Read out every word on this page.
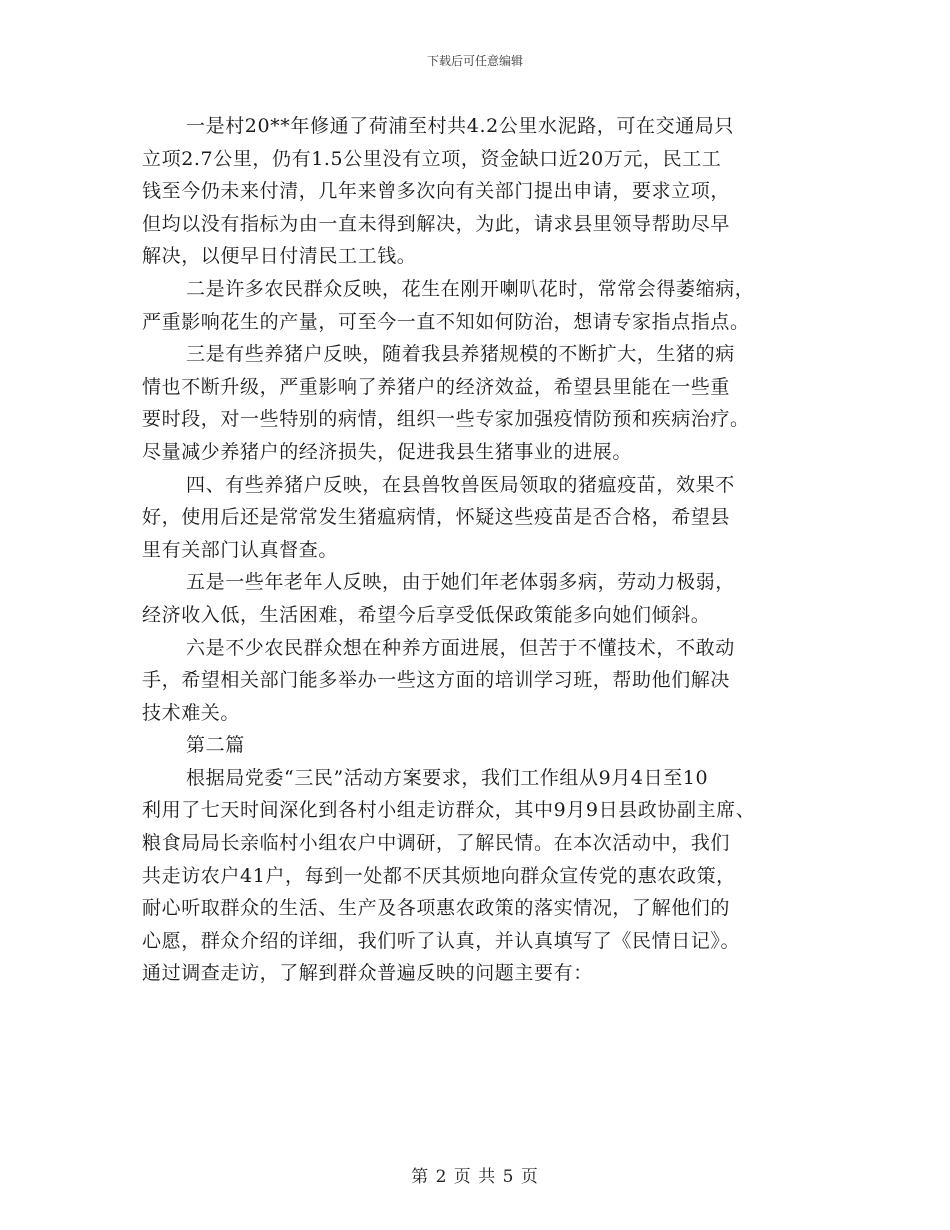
下载后可任意编辑

一是村20**年修通了荷浦至村共4.2公里水泥路，可在交通局只
立项2.7公里，仍有1.5公里没有立项，资金缺口近20万元，民工工
钱至今仍未来付清，几年来曾多次向有关部门提出申请，要求立项，
但均以没有指标为由一直未得到解决，为此，请求县里领导帮助尽早
解决，以便早日付清民工工钱。

二是许多农民群众反映，花生在刚开喇叭花时，常常会得萎缩病，
严重影响花生的产量，可至今一直不知如何防治，想请专家指点指点。

三是有些养猪户反映，随着我县养猪规模的不断扩大，生猪的病
情也不断升级，严重影响了养猪户的经济效益，希望县里能在一些重
要时段，对一些特别的病情，组织一些专家加强疫情防预和疾病治疗。
尽量减少养猪户的经济损失，促进我县生猪事业的进展。

四、有些养猪户反映，在县兽牧兽医局领取的猪瘟疫苗，效果不
好，使用后还是常常发生猪瘟病情，怀疑这些疫苗是否合格，希望县
里有关部门认真督查。

五是一些年老年人反映，由于她们年老体弱多病，劳动力极弱，
经济收入低，生活困难，希望今后享受低保政策能多向她们倾斜。

六是不少农民群众想在种养方面进展，但苦于不懂技术，不敢动
手，希望相关部门能多举办一些这方面的培训学习班，帮助他们解决
技术难关。

第二篇

根据局党委“三民”活动方案要求，我们工作组从9月4日至10
利用了七天时间深化到各村小组走访群众，其中9月9日县政协副主席、
粮食局局长亲临村小组农户中调研，了解民情。在本次活动中，我们
共走访农户41户，每到一处都不厌其烦地向群众宣传党的惠农政策，
耐心听取群众的生活、生产及各项惠农政策的落实情况，了解他们的
心愿，群众介绍的详细，我们听了认真，并认真填写了《民情日记》。
通过调查走访，了解到群众普遍反映的问题主要有：

第 2 页 共 5 页
